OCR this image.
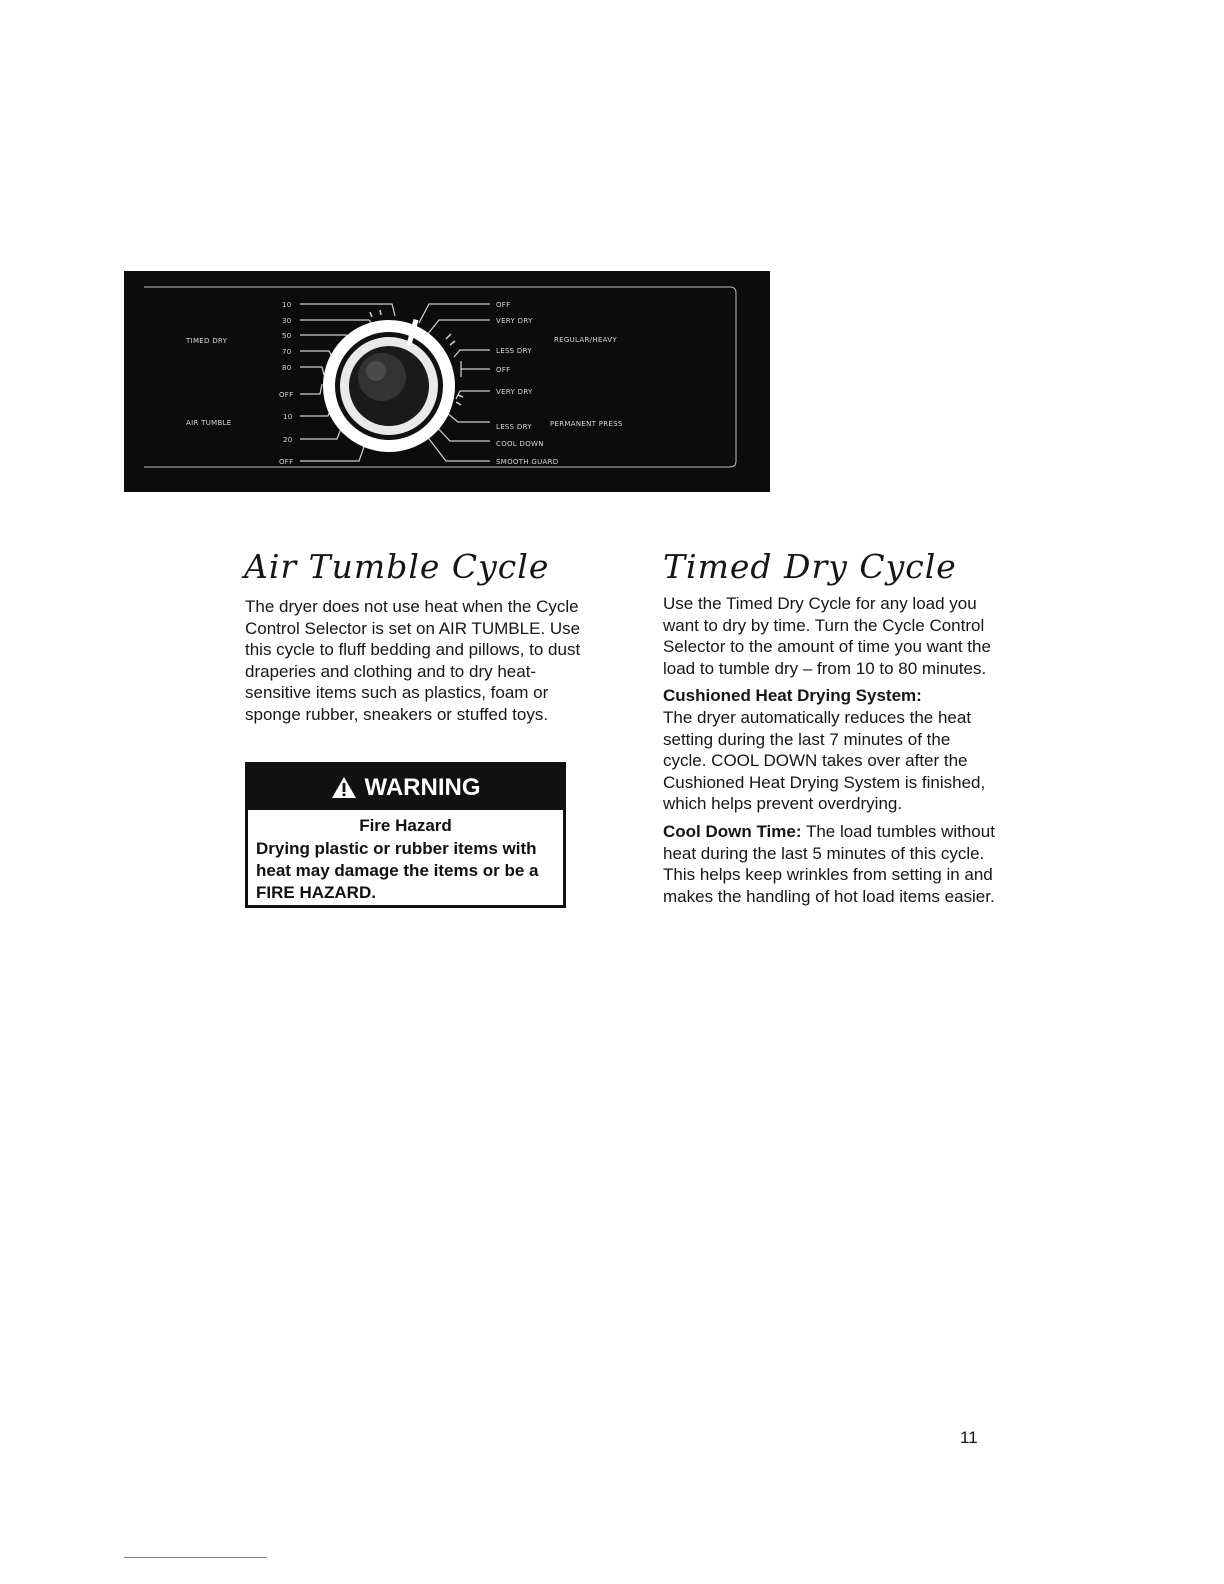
TIMED DRY
AIR TUMBLE
10
30
50
70
80
OFF
10
20
OFF
OFF
VERY DRY
LESS DRY
OFF
VERY DRY
LESS DRY
COOL DOWN
SMOOTH GUARD
REGULAR/HEAVY
PERMANENT PRESS
Air Tumble Cycle

The dryer does not use heat when the Cycle Control Selector is set on AIR TUMBLE. Use this cycle to fluff bedding and pillows, to dust draperies and clothing and to dry heat-sensitive items such as plastics, foam or sponge rubber, sneakers or stuffed toys.

WARNING
Fire Hazard
Drying plastic or rubber items with heat may damage the items or be a FIRE HAZARD.
Timed Dry Cycle

Use the Timed Dry Cycle for any load you want to dry by time. Turn the Cycle Control Selector to the amount of time you want the load to tumble dry – from 10 to 80 minutes.

Cushioned Heat Drying System:
The dryer automatically reduces the heat setting during the last 7 minutes of the cycle. COOL DOWN takes over after the Cushioned Heat Drying System is finished, which helps prevent overdrying.

Cool Down Time: The load tumbles without heat during the last 5 minutes of this cycle. This helps keep wrinkles from setting in and makes the handling of hot load items easier.

11
